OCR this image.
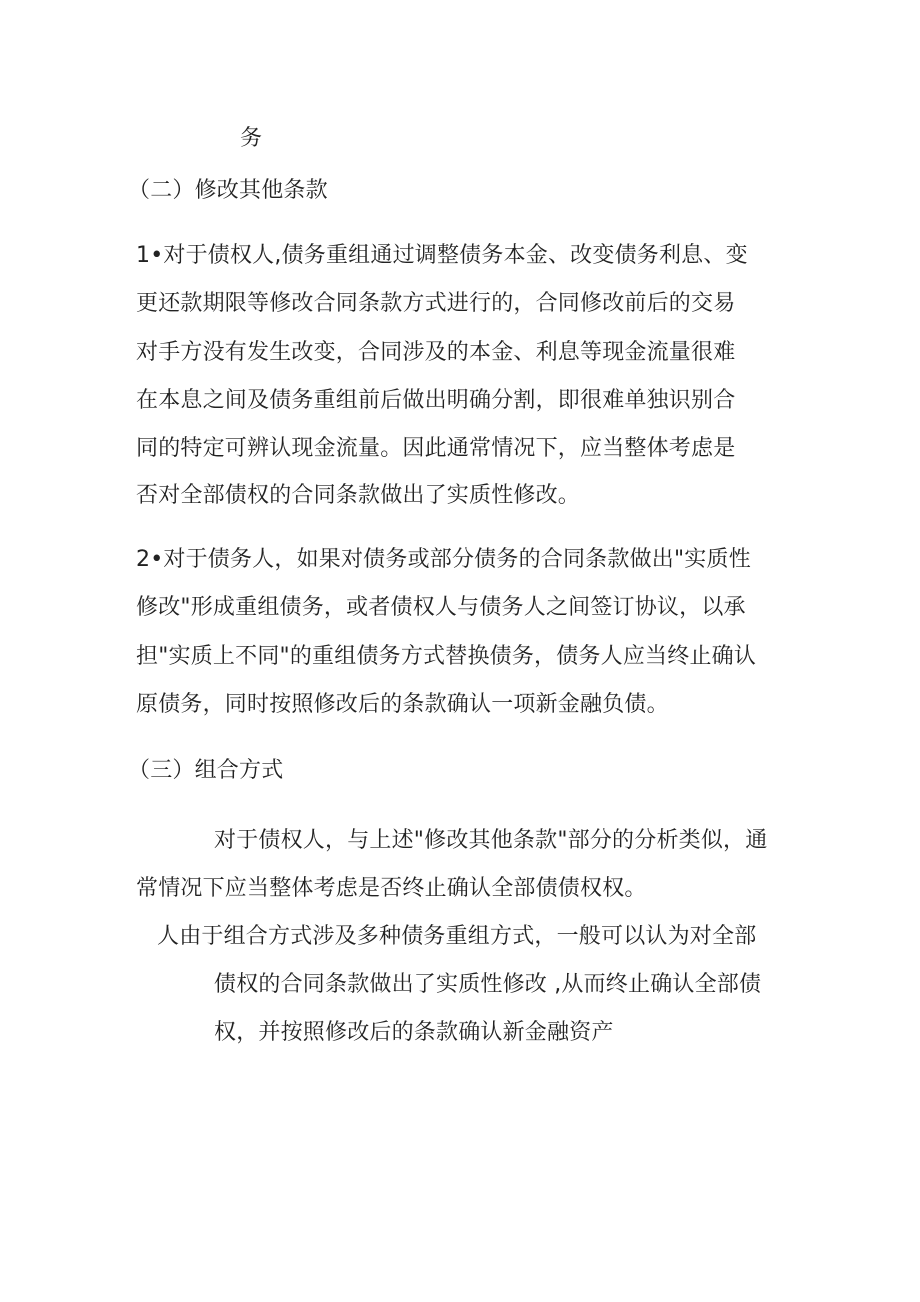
务
（二）修改其他条款
1•对于债权人,债务重组通过调整债务本金、改变债务利息、变
更还款期限等修改合同条款方式进行的，合同修改前后的交易
对手方没有发生改变，合同涉及的本金、利息等现金流量很难
在本息之间及债务重组前后做出明确分割，即很难单独识别合
同的特定可辨认现金流量。因此通常情况下，应当整体考虑是
否对全部债权的合同条款做出了实质性修改。
2•对于债务人，如果对债务或部分债务的合同条款做出"实质性
修改"形成重组债务，或者债权人与债务人之间签订协议，以承
担"实质上不同"的重组债务方式替换债务，债务人应当终止确认
原债务，同时按照修改后的条款确认一项新金融负债。
（三）组合方式
对于债权人，与上述"修改其他条款"部分的分析类似，通
常情况下应当整体考虑是否终止确认全部债债权权。
人由于组合方式涉及多种债务重组方式，一般可以认为对全部
债权的合同条款做出了实质性修改 ,从而终止确认全部债
权，并按照修改后的条款确认新金融资产
